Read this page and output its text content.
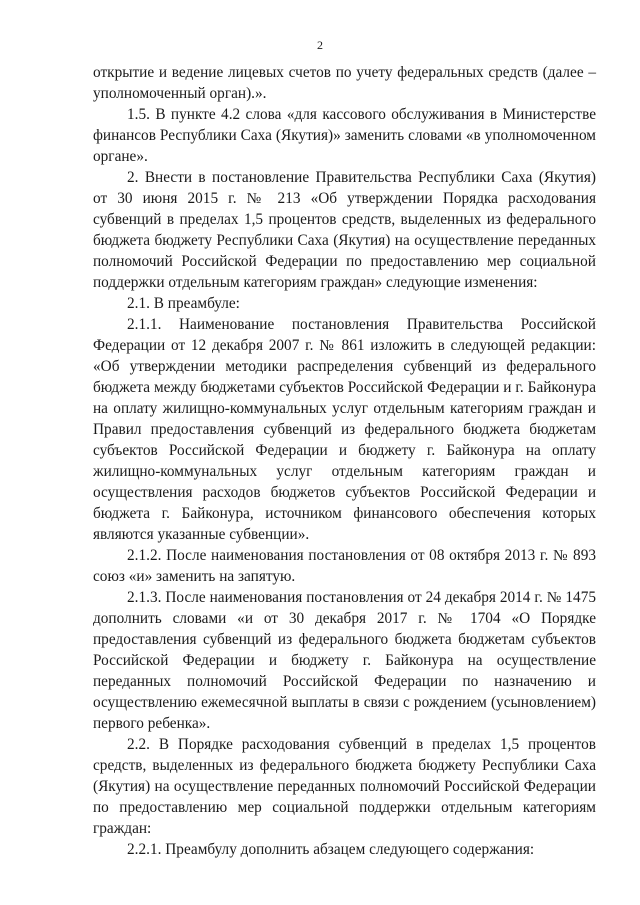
2

открытие и ведение лицевых счетов по учету федеральных средств (далее – уполномоченный орган).».

1.5. В пункте 4.2 слова «для кассового обслуживания в Министерстве финансов Республики Саха (Якутия)» заменить словами «в уполномоченном органе».

2. Внести в постановление Правительства Республики Саха (Якутия) от 30 июня 2015 г. № 213 «Об утверждении Порядка расходования субвенций в пределах 1,5 процентов средств, выделенных из федерального бюджета бюджету Республики Саха (Якутия) на осуществление переданных полномочий Российской Федерации по предоставлению мер социальной поддержки отдельным категориям граждан» следующие изменения:

2.1. В преамбуле:

2.1.1. Наименование постановления Правительства Российской Федерации от 12 декабря 2007 г. № 861 изложить в следующей редакции: «Об утверждении методики распределения субвенций из федерального бюджета между бюджетами субъектов Российской Федерации и г. Байконура на оплату жилищно-коммунальных услуг отдельным категориям граждан и Правил предоставления субвенций из федерального бюджета бюджетам субъектов Российской Федерации и бюджету г. Байконура на оплату жилищно-коммунальных услуг отдельным категориям граждан и осуществления расходов бюджетов субъектов Российской Федерации и бюджета г. Байконура, источником финансового обеспечения которых являются указанные субвенции».

2.1.2. После наименования постановления от 08 октября 2013 г. № 893 союз «и» заменить на запятую.

2.1.3. После наименования постановления от 24 декабря 2014 г. № 1475 дополнить словами «и от 30 декабря 2017 г. № 1704 «О Порядке предоставления субвенций из федерального бюджета бюджетам субъектов Российской Федерации и бюджету г. Байконура на осуществление переданных полномочий Российской Федерации по назначению и осуществлению ежемесячной выплаты в связи с рождением (усыновлением) первого ребенка».

2.2. В Порядке расходования субвенций в пределах 1,5 процентов средств, выделенных из федерального бюджета бюджету Республики Саха (Якутия) на осуществление переданных полномочий Российской Федерации по предоставлению мер социальной поддержки отдельным категориям граждан:

2.2.1. Преамбулу дополнить абзацем следующего содержания:
